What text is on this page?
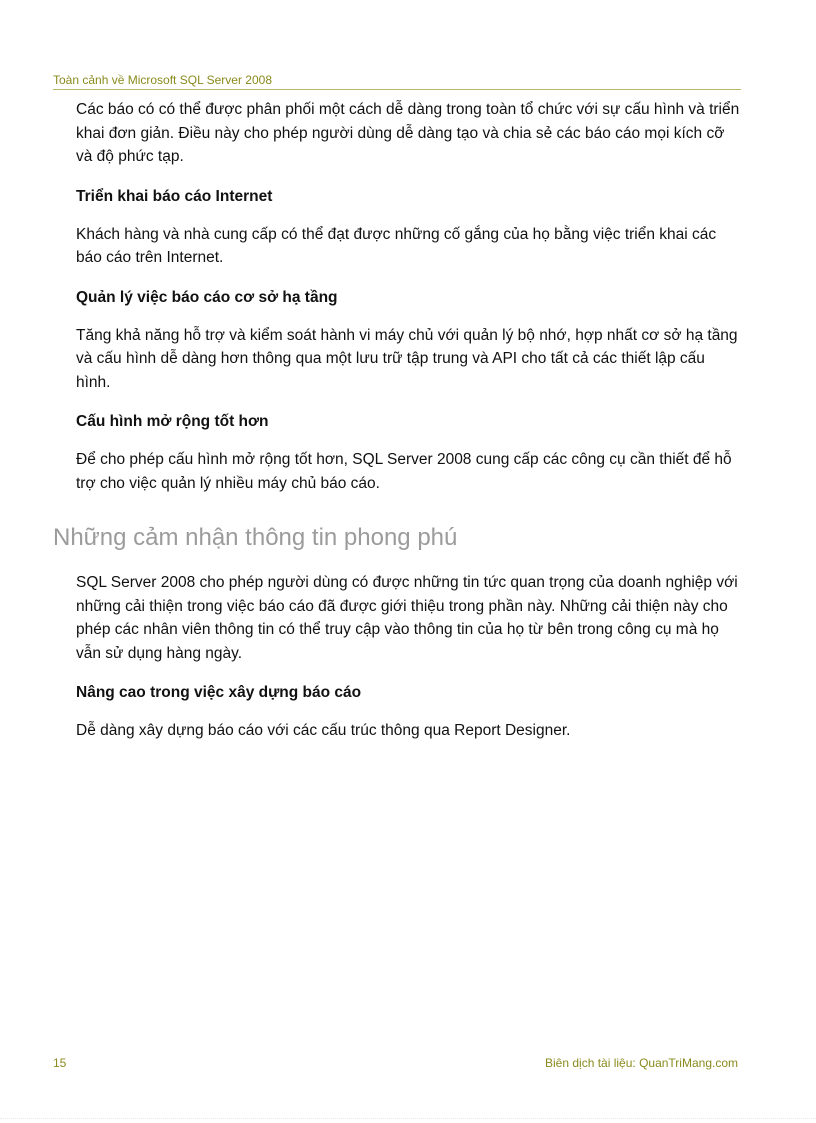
Toàn cảnh về Microsoft SQL Server 2008

Các báo có có thể được phân phối một cách dễ dàng trong toàn tổ chức với sự cấu hình và triển khai đơn giản. Điều này cho phép người dùng dễ dàng tạo và chia sẻ các báo cáo mọi kích cỡ và độ phức tạp.

Triển khai báo cáo Internet

Khách hàng và nhà cung cấp có thể đạt được những cố gắng của họ bằng việc triển khai các báo cáo trên Internet.

Quản lý việc báo cáo cơ sở hạ tầng

Tăng khả năng hỗ trợ và kiểm soát hành vi máy chủ với quản lý bộ nhớ, hợp nhất cơ sở hạ tầng và cấu hình dễ dàng hơn thông qua một lưu trữ tập trung và API cho tất cả các thiết lập cấu hình.

Cấu hình mở rộng tốt hơn

Để cho phép cấu hình mở rộng tốt hơn, SQL Server 2008 cung cấp các công cụ cần thiết để hỗ trợ cho việc quản lý nhiều máy chủ báo cáo.

Những cảm nhận thông tin phong phú

SQL Server 2008 cho phép người dùng có được những tin tức quan trọng của doanh nghiệp với những cải thiện trong việc báo cáo đã được giới thiệu trong phần này. Những cải thiện này cho phép các nhân viên thông tin có thể truy cập vào thông tin của họ từ bên trong công cụ mà họ vẫn sử dụng hàng ngày.

Nâng cao trong việc xây dựng báo cáo

Dễ dàng xây dựng báo cáo với các cấu trúc thông qua Report Designer.

15	Biên dịch tài liệu: QuanTriMang.com
